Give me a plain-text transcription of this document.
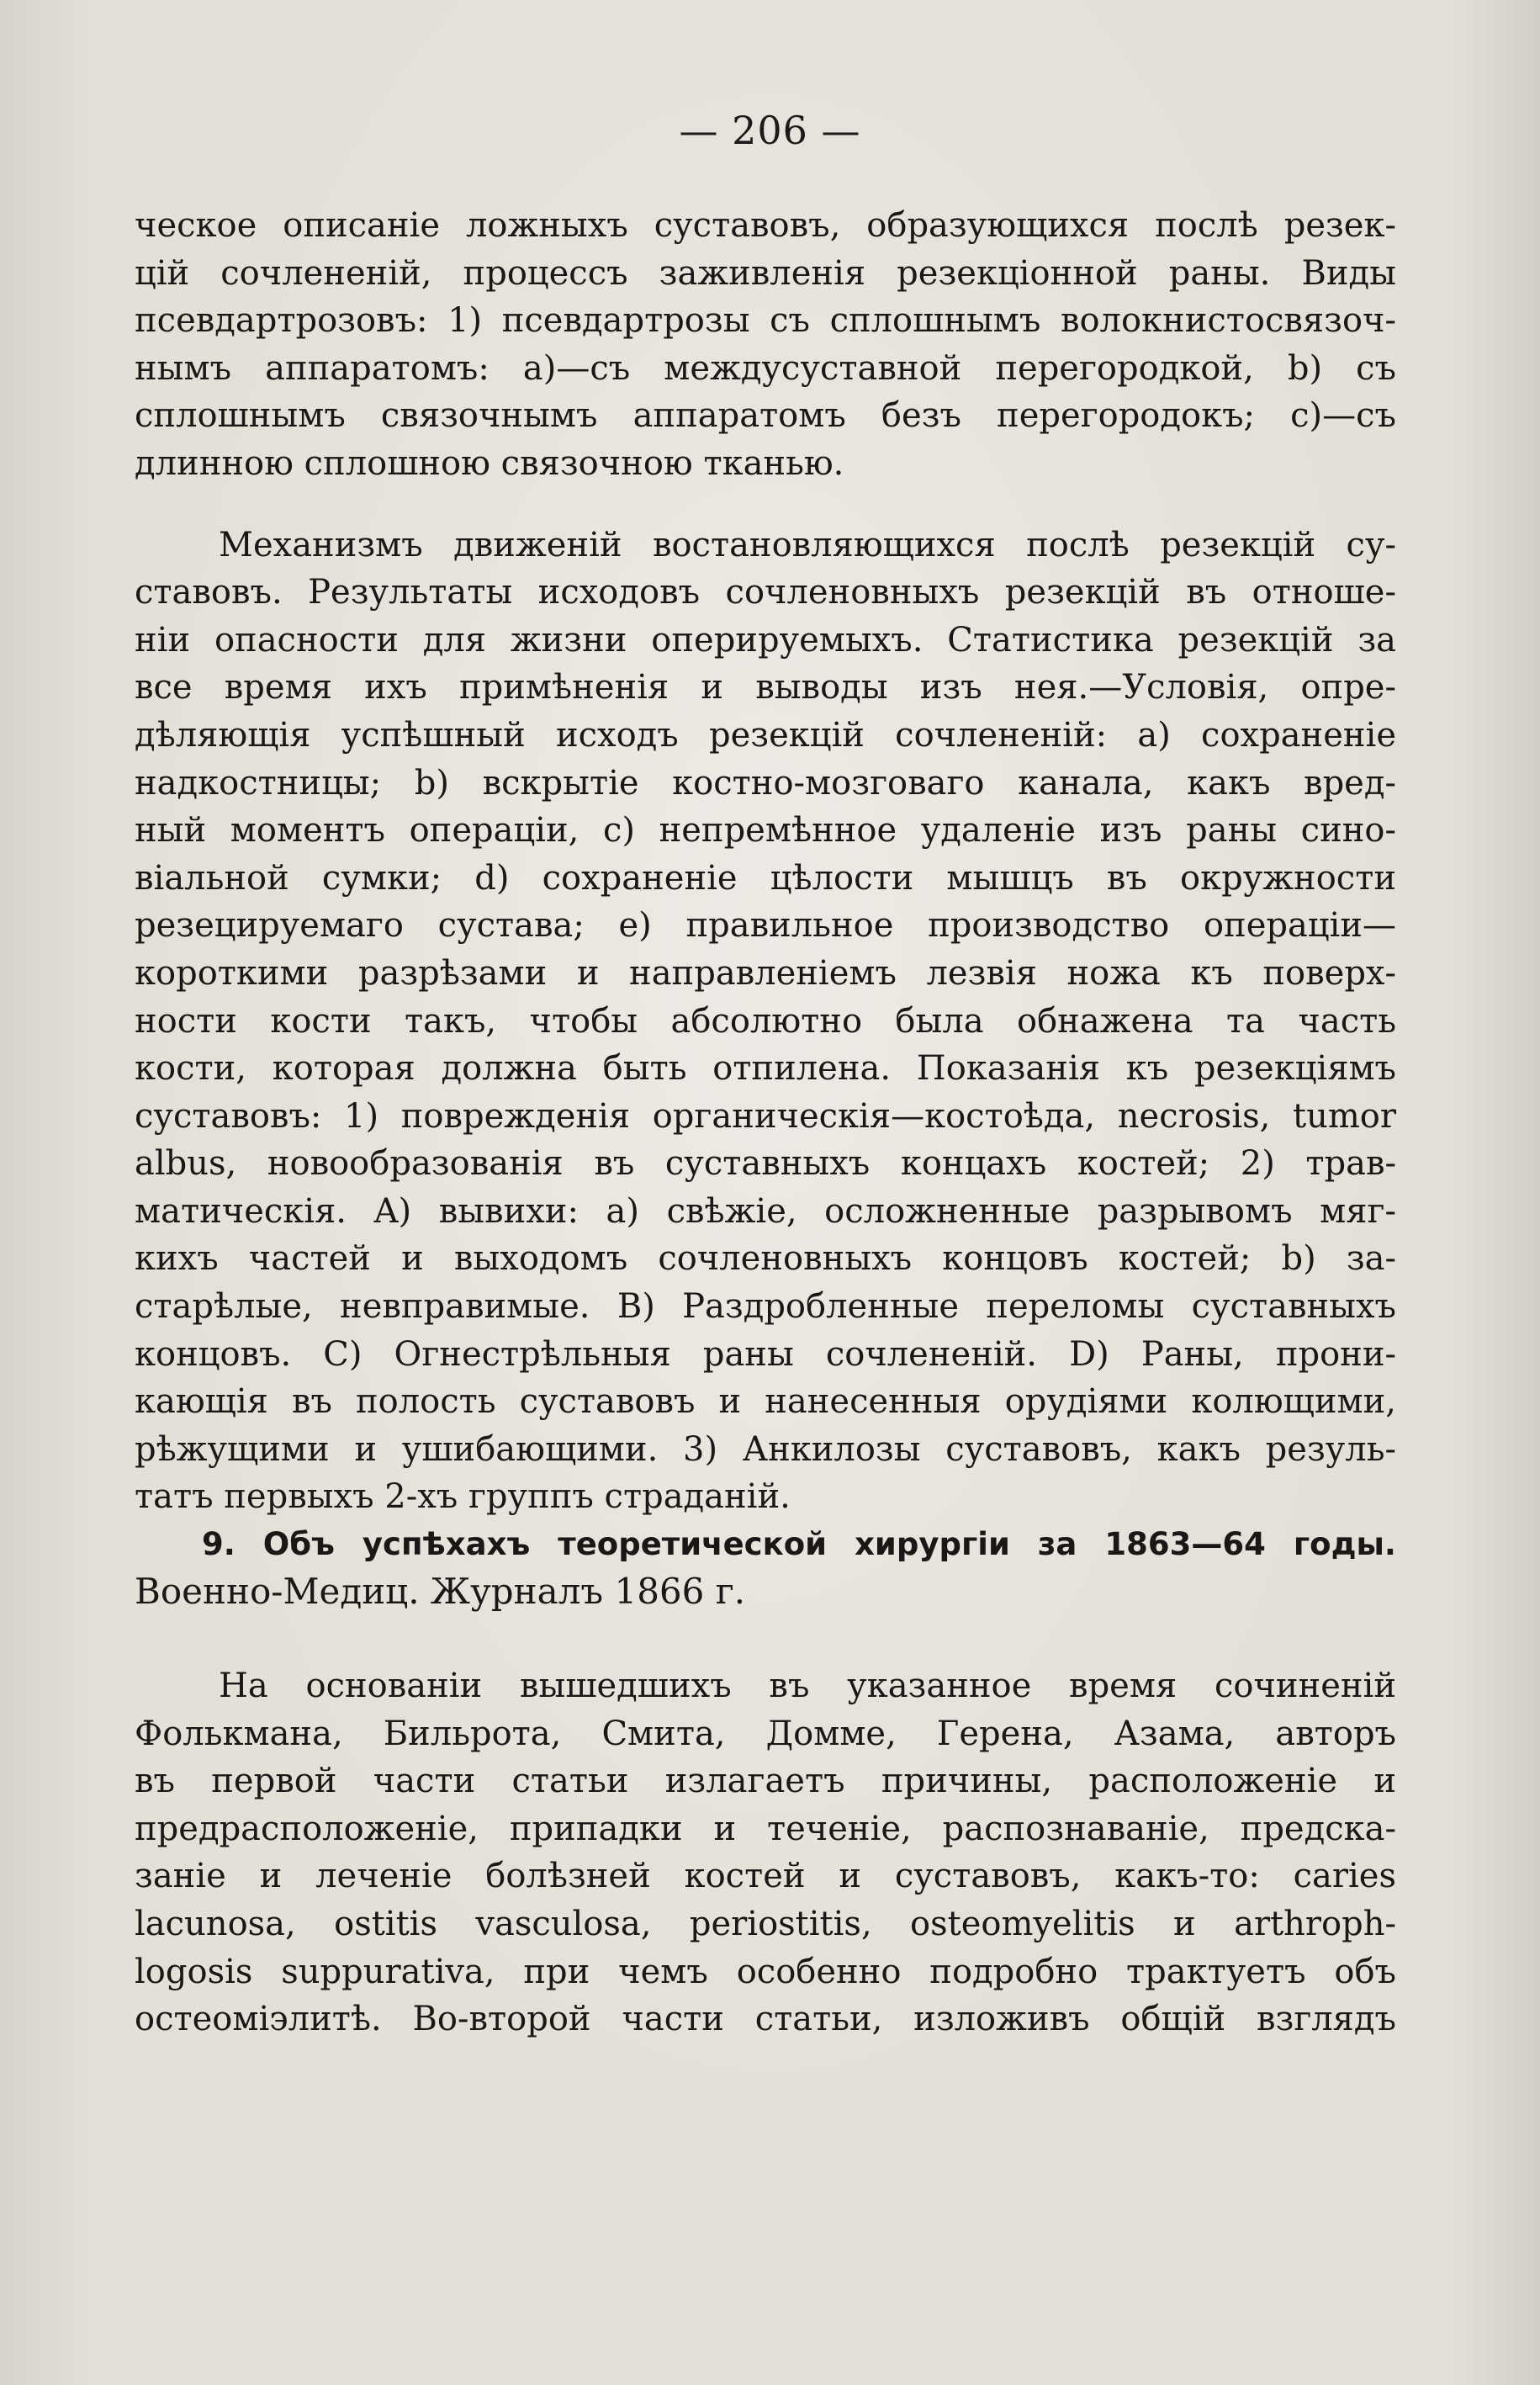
— 206 —

ческое описаніе ложныхъ суставовъ, образующихся послѣ резек-
цій сочлененій, процессъ заживленія резекціонной раны. Виды
псевдартрозовъ: 1) псевдартрозы съ сплошнымъ волокнистосвязоч-
нымъ аппаратомъ: а)—съ междусуставной перегородкой, b) съ
сплошнымъ связочнымъ аппаратомъ безъ перегородокъ; c)—съ
длинною сплошною связочною тканью.

Механизмъ движеній востановляющихся послѣ резекцій су-
ставовъ. Результаты исходовъ сочленовныхъ резекцій въ отноше-
ніи опасности для жизни оперируемыхъ. Статистика резекцій за
все время ихъ примѣненія и выводы изъ нея.—Условія, опре-
дѣляющія успѣшный исходъ резекцій сочлененій: a) сохраненіе
надкостницы; b) вскрытіе костно-мозговаго канала, какъ вред-
ный моментъ операціи, c) непремѣнное удаленіе изъ раны сино-
віальной сумки; d) сохраненіе цѣлости мышцъ въ окружности
резецируемаго сустава; e) правильное производство операціи—
короткими разрѣзами и направленіемъ лезвія ножа къ поверх-
ности кости такъ, чтобы абсолютно была обнажена та часть
кости, которая должна быть отпилена. Показанія къ резекціямъ
суставовъ: 1) поврежденія органическія—костоѣда, necrosis, tumor
albus, новообразованія въ суставныхъ концахъ костей; 2) трав-
матическія. A) вывихи: a) свѣжіе, осложненные разрывомъ мяг-
кихъ частей и выходомъ сочленовныхъ концовъ костей; b) за-
старѣлые, невправимые. B) Раздробленные переломы суставныхъ
концовъ. C) Огнестрѣльныя раны сочлененій. D) Раны, прони-
кающія въ полость суставовъ и нанесенныя орудіями колющими,
рѣжущими и ушибающими. 3) Анкилозы суставовъ, какъ резуль-
татъ первыхъ 2-хъ группъ страданій.

9. Объ успѣхахъ теоретической хирургіи за 1863—64 годы.
Военно-Медиц. Журналъ 1866 г.

На основаніи вышедшихъ въ указанное время сочиненій
Фолькмана, Бильрота, Смита, Домме, Герена, Азама, авторъ
въ первой части статьи излагаетъ причины, расположеніе и
предрасположеніе, припадки и теченіе, распознаваніе, предска-
заніе и леченіе болѣзней костей и суставовъ, какъ-то: caries
lacunosa, ostitis vasculosa, periostitis, osteomyelitis и arthroph-
logosis suppurativa, при чемъ особенно подробно трактуетъ объ
остеоміэлитѣ. Во-второй части статьи, изложивъ общій взглядъ
